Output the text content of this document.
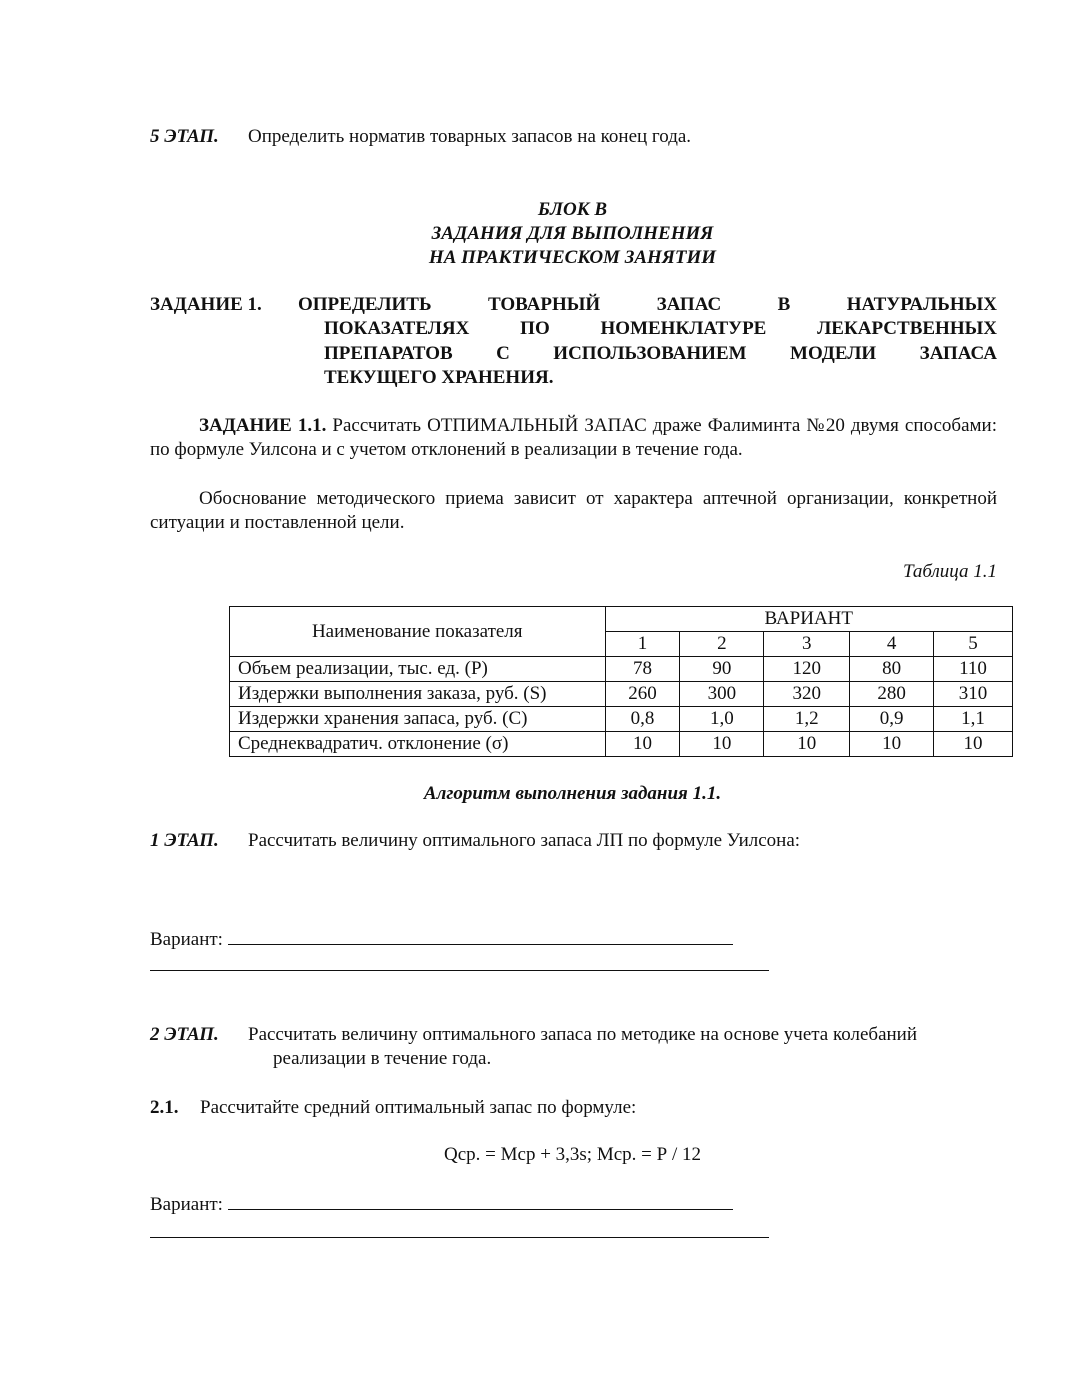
5 ЭТАП. Определить норматив товарных запасов на конец года.
БЛОК В
ЗАДАНИЯ ДЛЯ ВЫПОЛНЕНИЯ
НА ПРАКТИЧЕСКОМ ЗАНЯТИИ
ЗАДАНИЕ 1. ОПРЕДЕЛИТЬ ТОВАРНЫЙ ЗАПАС В НАТУРАЛЬНЫХ
ПОКАЗАТЕЛЯХ ПО НОМЕНКЛАТУРЕ ЛЕКАРСТВЕННЫХ
ПРЕПАРАТОВ С ИСПОЛЬЗОВАНИЕМ МОДЕЛИ ЗАПАСА
ТЕКУЩЕГО ХРАНЕНИЯ.
ЗАДАНИЕ 1.1. Рассчитать ОТПИМАЛЬНЫЙ ЗАПАС драже Фалиминта №20 двумя способами: по формуле Уилсона и с учетом отклонений в реализации в течение года.
Обоснование методического приема зависит от характера аптечной организации, конкретной ситуации и поставленной цели.
Таблица 1.1
Наименование показателя	ВАРИАНТ				
	1	2	3	4	5
Объем реализации, тыс. ед. (Р)	78	90	120	80	110
Издержки выполнения заказа, руб. (S)	260	300	320	280	310
Издержки хранения запаса, руб. (С)	0,8	1,0	1,2	0,9	1,1
Среднеквадратич. отклонение (σ)	10	10	10	10	10
Алгоритм выполнения задания 1.1.
1 ЭТАП. Рассчитать величину оптимального запаса ЛП по формуле Уилсона:
Вариант:
2 ЭТАП. Рассчитать величину оптимального запаса по методике на основе учета колебаний
реализации в течение года.
2.1. Рассчитайте средний оптимальный запас по формуле:
Qср. = Мср + 3,3s; Мср. = Р / 12
Вариант:
